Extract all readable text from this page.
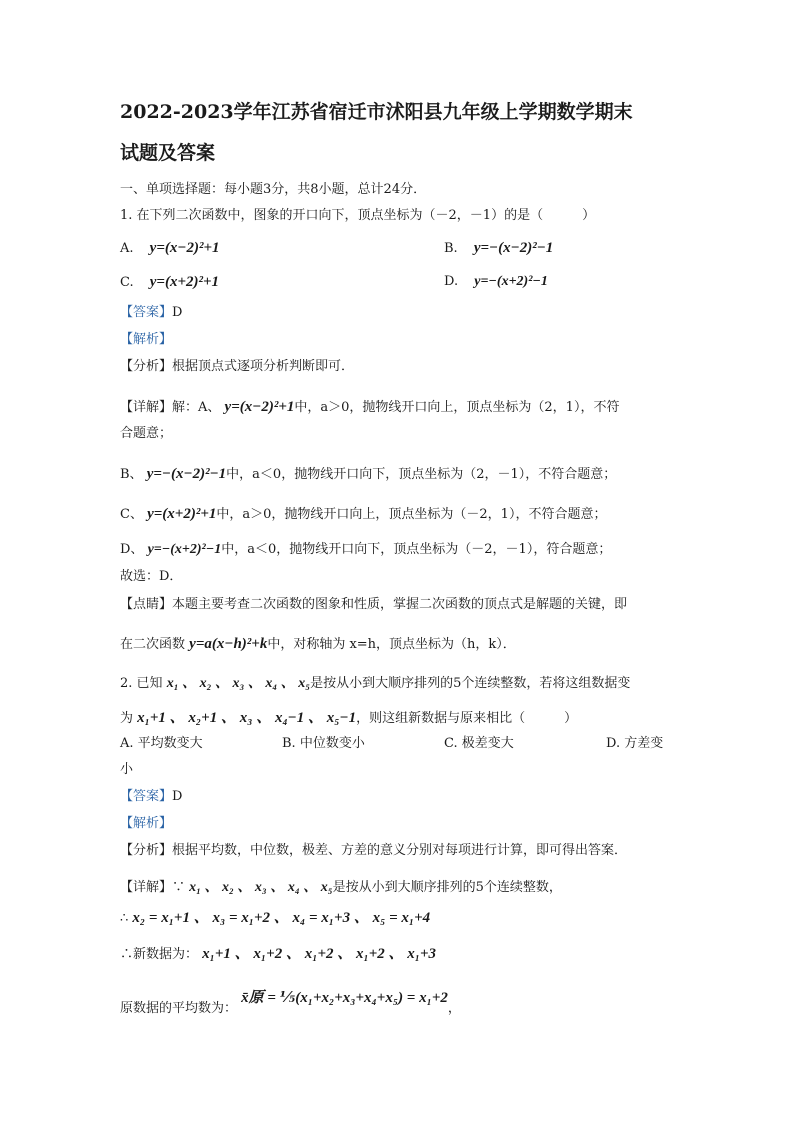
2022-2023学年江苏省宿迁市沭阳县九年级上学期数学期末
试题及答案
一、单项选择题：每小题3分，共8小题，总计24分．
1. 在下列二次函数中，图象的开口向下，顶点坐标为（－2，－1）的是（　　　）
A. y=(x−2)²+1	B. y=−(x−2)²−1
C. y=(x+2)²+1	D. y=−(x+2)²−1
【答案】D
【解析】
【分析】根据顶点式逐项分析判断即可．
【详解】解：A、 y=(x−2)²+1中，a＞0，抛物线开口向上，顶点坐标为（2，1），不符
合题意；
B、 y=−(x−2)²−1中，a＜0，抛物线开口向下，顶点坐标为（2，－1），不符合题意；
C、 y=(x+2)²+1中，a＞0，抛物线开口向上，顶点坐标为（－2，1），不符合题意；
D、 y=−(x+2)²−1中，a＜0，抛物线开口向下，顶点坐标为（－2，－1），符合题意；
故选：D．
【点睛】本题主要考查二次函数的图象和性质，掌握二次函数的顶点式是解题的关键，即
在二次函数 y=a(x−h)²+k中，对称轴为 x=h，顶点坐标为（h，k）．
2. 已知 x₁ 、 x₂ 、 x₃ 、 x₄ 、 x₅是按从小到大顺序排列的5个连续整数，若将这组数据变
为 x₁+1 、 x₂+1 、 x₃ 、 x₄−1 、 x₅−1，则这组新数据与原来相比（　　　）
A. 平均数变大	B. 中位数变小	C. 极差变大	D. 方差变
小
【答案】D
【解析】
【分析】根据平均数，中位数，极差、方差的意义分别对每项进行计算，即可得出答案．
【详解】∵ x₁ 、 x₂ 、 x₃ 、 x₄ 、 x₅是按从小到大顺序排列的5个连续整数，
∴ x₂ = x₁+1 、 x₃ = x₁+2 、 x₄ = x₁+3 、 x₅ = x₁+4
∴新数据为： x₁+1 、 x₁+2 、 x₁+2 、 x₁+2 、 x₁+3
原数据的平均数为： x̄原 = ⅕(x₁+x₂+x₃+x₄+x₅) = x₁+2，
